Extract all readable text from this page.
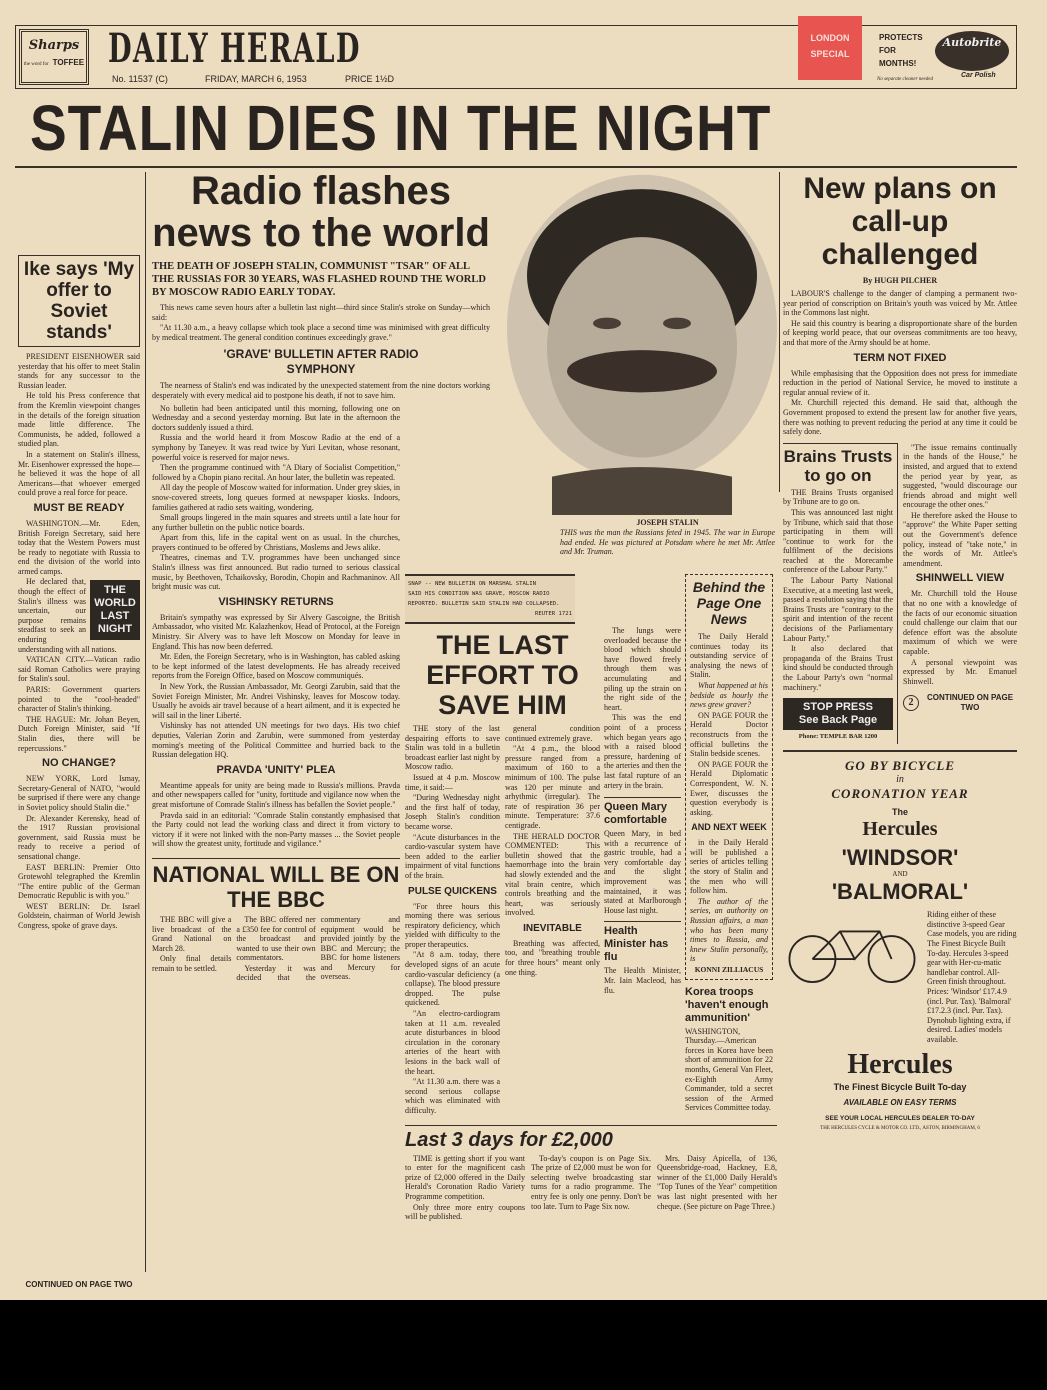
Sharps
the word for TOFFEE DAILY HERALD
No. 11537 (C)	FRIDAY, MARCH 6, 1953	PRICE 1½D
LONDON SPECIAL
PROTECTS FOR MONTHS!
Autobrite
Car Polish
No separate cleaner needed
STALIN DIES IN THE NIGHT
Ike says 'My offer to Soviet stands'

PRESIDENT EISENHOWER said yesterday that his offer to meet Stalin stands for any successor to the Russian leader.

He told his Press conference that from the Kremlin viewpoint changes in the details of the foreign situation made little difference. The Communists, he added, followed a studied plan.

In a statement on Stalin's illness, Mr. Eisenhower expressed the hope—he believed it was the hope of all Americans—that whoever emerged could prove a real force for peace.

MUST BE READY

WASHINGTON.—Mr. Eden, British Foreign Secretary, said here today that the Western Powers must be ready to negotiate with Russia to end the division of the world into armed camps.

THE WORLD LAST NIGHT

He declared that, though the effect of Stalin's illness was uncertain, our purpose remains steadfast to seek an enduring understanding with all nations.

VATICAN CITY.—Vatican radio said Roman Catholics were praying for Stalin's soul.

PARIS: Government quarters pointed to the "cool-headed" character of Stalin's thinking.

THE HAGUE: Mr. Johan Beyen, Dutch Foreign Minister, said "If Stalin dies, there will be repercussions."

NO CHANGE?

NEW YORK, Lord Ismay, Secretary-General of NATO, "would be surprised if there were any change in Soviet policy should Stalin die."

Dr. Alexander Kerensky, head of the 1917 Russian provisional government, said Russia must be ready to receive a period of sensational change.

EAST BERLIN: Premier Otto Grotewohl telegraphed the Kremlin "The entire public of the German Democratic Republic is with you."

WEST BERLIN: Dr. Israel Goldstein, chairman of World Jewish Congress, spoke of grave days.

CONTINUED ON PAGE TWO
Radio flashes news to the world
THE DEATH OF JOSEPH STALIN, COMMUNIST "TSAR" OF ALL THE RUSSIAS FOR 30 YEARS, WAS FLASHED ROUND THE WORLD BY MOSCOW RADIO EARLY TODAY.

This news came seven hours after a bulletin last night—third since Stalin's stroke on Sunday—which said:

"At 11.30 a.m., a heavy collapse which took place a second time was minimised with great difficulty by medical treatment. The general condition continues exceedingly grave."

'GRAVE' BULLETIN AFTER RADIO SYMPHONY

The nearness of Stalin's end was indicated by the unexpected statement from the nine doctors working desperately with every medical aid to postpone his death, if not to save him.

No bulletin had been anticipated until this morning, following one on Wednesday and a second yesterday morning. But late in the afternoon the doctors suddenly issued a third.

Russia and the world heard it from Moscow Radio at the end of a symphony by Taneyev. It was read twice by Yuri Levitan, whose resonant, powerful voice is reserved for major news.

Then the programme continued with "A Diary of Socialist Competition," followed by a Chopin piano recital. An hour later, the bulletin was repeated.

All day the people of Moscow waited for information. Under grey skies, in snow-covered streets, long queues formed at newspaper kiosks. Indoors, families gathered at radio sets waiting, wondering.

Small groups lingered in the main squares and streets until a late hour for any further bulletin on the public notice boards.

Apart from this, life in the capital went on as usual. In the churches, prayers continued to be offered by Christians, Moslems and Jews alike.

Theatres, cinemas and T.V. programmes have been unchanged since Stalin's illness was first announced. But radio turned to serious classical music, by Beethoven, Tchaikovsky, Borodin, Chopin and Rachmaninov. All bright music was cut.

VISHINSKY RETURNS

Britain's sympathy was expressed by Sir Alvery Gascoigne, the British Ambassador, who visited Mr. Kalazhenkov, Head of Protocol, at the Foreign Ministry. Sir Alvery was to have left Moscow on Monday for leave in England. This has now been deferred.

Mr. Eden, the Foreign Secretary, who is in Washington, has cabled asking to be kept informed of the latest developments. He has already received reports from the Foreign Office, based on Moscow communiqués.

In New York, the Russian Ambassador, Mr. Georgi Zarubin, said that the Soviet Foreign Minister, Mr. Andrei Vishinsky, leaves for Moscow today. Usually he avoids air travel because of a heart ailment, and it is expected he will sail in the liner Liberté.

Vishinsky has not attended UN meetings for two days. His two chief deputies, Valerian Zorin and Zarubin, were summoned from yesterday morning's meeting of the Political Committee and hurried back to the Russian delegation HQ.

PRAVDA 'UNITY' PLEA

Meantime appeals for unity are being made to Russia's millions. Pravda and other newspapers called for "unity, fortitude and vigilance now when the great misfortune of Comrade Stalin's illness has befallen the Soviet people."

Pravda said in an editorial: "Comrade Stalin constantly emphasised that the Party could not lead the working class and direct it from victory to victory if it were not linked with the non-Party masses ... the Soviet people will show the greatest unity, fortitude and vigilance."

NATIONAL WILL BE ON THE BBC

THE BBC will give a live broadcast of the Grand National on March 28.

Only final details remain to be settled.

The BBC offered ner a £350 fee for control of the broadcast and wanted to use their own commentators.

Yesterday it was decided that the commentary and equipment would be provided jointly by the BBC and Mercury; the BBC for home listeners and Mercury for overseas.

JOSEPH STALIN
THIS was the man the Russians feted in 1945. The war in Europe had ended. He was pictured at Potsdam where he met Mr. Attlee and Mr. Truman.
SNAP -- NEW BULLETIN ON MARSHAL STALIN
SAID HIS CONDITION WAS GRAVE, MOSCOW RADIO
REPORTED. BULLETIN SAID STALIN HAD COLLAPSED.
REUTER 1721
THE LAST EFFORT TO SAVE HIM

THE story of the last despairing efforts to save Stalin was told in a bulletin broadcast earlier last night by Moscow radio.

Issued at 4 p.m. Moscow time, it said:—

"During Wednesday night and the first half of today, Joseph Stalin's condition became worse.

"Acute disturbances in the cardio-vascular system have been added to the earlier impairment of vital functions of the brain.

PULSE QUICKENS

"For three hours this morning there was serious respiratory deficiency, which yielded with difficulty to the proper therapeutics.

"At 8 a.m. today, there developed signs of an acute cardio-vascular deficiency (a collapse). The blood pressure dropped. The pulse quickened.

"An electro-cardiogram taken at 11 a.m. revealed acute disturbances in blood circulation in the coronary arteries of the heart with lesions in the back wall of the heart.

"At 11.30 a.m. there was a second serious collapse which was eliminated with difficulty.

general condition continued extremely grave.

"At 4 p.m., the blood pressure ranged from a maximum of 160 to a minimum of 100. The pulse was 120 per minute and arhythmic (irregular). The rate of respiration 36 per minute. Temperature: 37.6 centigrade.

THE HERALD DOCTOR COMMENTED: This bulletin showed that the haemorrhage into the brain had slowly extended and the vital brain centre, which controls breathing and the heart, was seriously involved.

INEVITABLE

Breathing was affected, too, and "breathing trouble for three hours" meant only one thing.

The lungs were overloaded because the blood which should have flowed freely through them was accumulating and piling up the strain on the right side of the heart.

This was the end point of a process which began years ago with a raised blood pressure, hardening of the arteries and then the last fatal rupture of an artery in the brain.

Queen Mary comfortable
Queen Mary, in bed with a recurrence of gastric trouble, had a very comfortable day and the slight improvement was maintained, it was stated at Marlborough House last night.
Health Minister has flu
The Health Minister, Mr. Iain Macleod, has flu.
Behind the Page One News

The Daily Herald continues today its outstanding service of analysing the news of Stalin.

What happened at his bedside as hourly the news grew graver?

ON PAGE FOUR the Herald Doctor reconstructs from the official bulletins the Stalin bedside scenes.

ON PAGE FOUR the Herald Diplomatic Correspondent, W. N. Ewer, discusses the question everybody is asking.

AND NEXT WEEK

in the Daily Herald will be published a series of articles telling the story of Stalin and the men who will follow him.

The author of the series, an authority on Russian affairs, a man who has been many times to Russia, and knew Stalin personally, is

KONNI ZILLIACUS
Korea troops 'haven't enough ammunition'
WASHINGTON, Thursday.—American forces in Korea have been short of ammunition for 22 months, General Van Fleet, ex-Eighth Army Commander, told a secret session of the Armed Services Committee today.
Last 3 days for £2,000

TIME is getting short if you want to enter for the magnificent cash prize of £2,000 offered in the Daily Herald's Coronation Radio Variety Programme competition.

Only three more entry coupons will be published.

To-day's coupon is on Page Six. The prize of £2,000 must be won for selecting twelve broadcasting star turns for a radio programme. The entry fee is only one penny. Don't be too late. Turn to Page Six now.

Mrs. Daisy Apicella, of 136, Queensbridge-road, Hackney, E.8, winner of the £1,000 Daily Herald's "Top Tunes of the Year" competition was last night presented with her cheque. (See picture on Page Three.)

New plans on call-up challenged
By HUGH PILCHER

LABOUR'S challenge to the danger of clamping a permanent two-year period of conscription on Britain's youth was voiced by Mr. Attlee in the Commons last night.

He said this country is bearing a disproportionate share of the burden of keeping world peace, that our overseas commitments are too heavy, and that more of the Army should be at home.

TERM NOT FIXED

While emphasising that the Opposition does not press for immediate reduction in the period of National Service, he moved to institute a regular annual review of it.

Mr. Churchill rejected this demand. He said that, although the Government proposed to extend the present law for another five years, there was nothing to prevent reducing the period at any time it could be safely done.

Brains Trusts to go on

THE Brains Trusts organised by Tribune are to go on.

This was announced last night by Tribune, which said that those participating in them will "continue to work for the fulfilment of the decisions reached at the Morecambe conference of the Labour Party."

The Labour Party National Executive, at a meeting last week, passed a resolution saying that the Brains Trusts are "contrary to the spirit and intention of the recent decisions of the Parliamentary Labour Party."

It also declared that propaganda of the Brains Trust kind should be conducted through the Labour Party's own "normal machinery."

STOP PRESS
See Back Page
Phone: TEMPLE BAR 1200

"The issue remains continually in the hands of the House," he insisted, and argued that to extend the period year by year, as suggested, "would discourage our friends abroad and might well encourage the other ones."

He therefore asked the House to "approve" the White Paper setting out the Government's defence policy, instead of "take note," in the words of Mr. Attlee's amendment.

SHINWELL VIEW

Mr. Churchill told the House that no one with a knowledge of the facts of our economic situation could challenge our claim that our defence effort was the absolute maximum of which we were capable.

A personal viewpoint was expressed by Mr. Emanuel Shinwell.

2	CONTINUED ON PAGE TWO
GO BY BICYCLE
in
CORONATION YEAR
The
Hercules
'WINDSOR'
AND
'BALMORAL'
Riding either of these distinctive 3-speed Gear Case models, you are riding The Finest Bicycle Built To-day. Hercules 3-speed gear with Her-cu-matic handlebar control. All-Green finish throughout. Prices: 'Windsor' £17.4.9 (incl. Pur. Tax). 'Balmoral' £17.2.3 (incl. Pur. Tax). Dynohub lighting extra, if desired. Ladies' models available.
Hercules
The Finest Bicycle Built To-day
AVAILABLE ON EASY TERMS
SEE YOUR LOCAL HERCULES DEALER TO-DAY
THE HERCULES CYCLE & MOTOR CO. LTD., ASTON, BIRMINGHAM, 6
